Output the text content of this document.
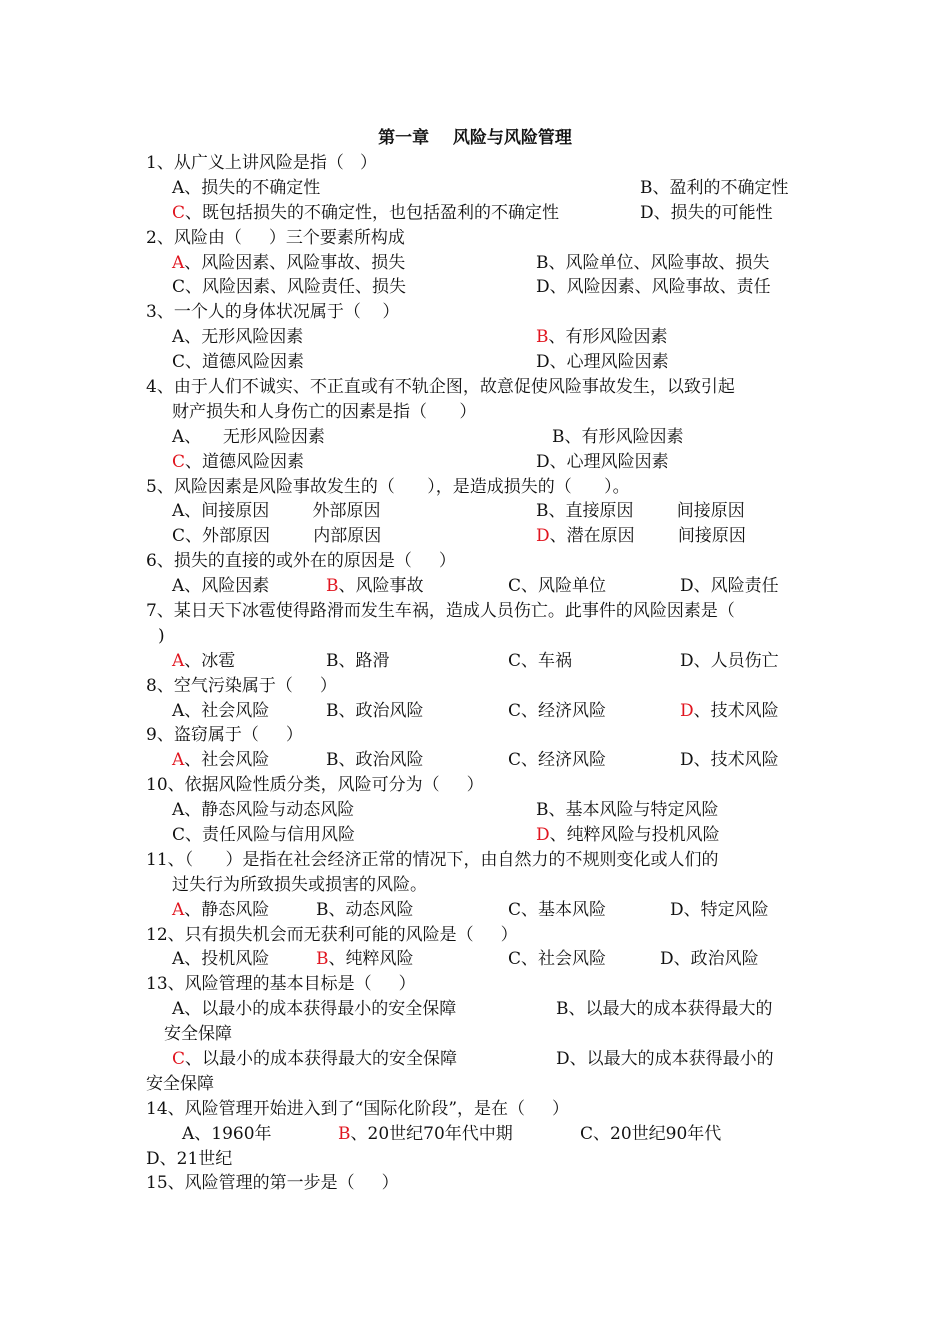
第一章    风险与风险管理
1、从广义上讲风险是指（   ）
A、损失的不确定性	B、盈利的不确定性
C、既包括损失的不确定性，也包括盈利的不确定性	D、损失的可能性
2、风险由（     ）三个要素所构成
A、风险因素、风险事故、损失	B、风险单位、风险事故、损失
C、风险因素、风险责任、损失	D、风险因素、风险事故、责任
3、一个人的身体状况属于（    ）
A、无形风险因素	B、有形风险因素
C、道德风险因素	D、心理风险因素
4、由于人们不诚实、不正直或有不轨企图，故意促使风险事故发生，以致引起
财产损失和人身伤亡的因素是指（      ）
A、    无形风险因素	B、有形风险因素
C、道德风险因素	D、心理风险因素
5、风险因素是风险事故发生的（      ），是造成损失的（      ）。
A、间接原因        外部原因	B、直接原因        间接原因
C、外部原因        内部原因	D、潜在原因        间接原因
6、损失的直接的或外在的原因是（     ）
A、风险因素	B、风险事故	C、风险单位	D、风险责任
7、某日天下冰雹使得路滑而发生车祸，造成人员伤亡。此事件的风险因素是（
)
A、冰雹	B、路滑	C、车祸	D、人员伤亡
8、空气污染属于（     ）
A、社会风险	B、政治风险	C、经济风险	D、技术风险
9、盗窃属于（     ）
A、社会风险	B、政治风险	C、经济风险	D、技术风险
10、依据风险性质分类，风险可分为（     ）
A、静态风险与动态风险	B、基本风险与特定风险
C、责任风险与信用风险	D、纯粹风险与投机风险
11、（      ）是指在社会经济正常的情况下，由自然力的不规则变化或人们的
过失行为所致损失或损害的风险。
A、静态风险	B、动态风险	C、基本风险	D、特定风险
12、只有损失机会而无获利可能的风险是（     ）
A、投机风险	B、纯粹风险	C、社会风险	D、政治风险
13、风险管理的基本目标是（     ）
A、以最小的成本获得最小的安全保障	B、以最大的成本获得最大的
安全保障
C、以最小的成本获得最大的安全保障	D、以最大的成本获得最小的
安全保障
14、风险管理开始进入到了“国际化阶段”，是在（     ）
A、1960年	B、20世纪70年代中期	C、20世纪90年代
D、21世纪
15、风险管理的第一步是（     ）
